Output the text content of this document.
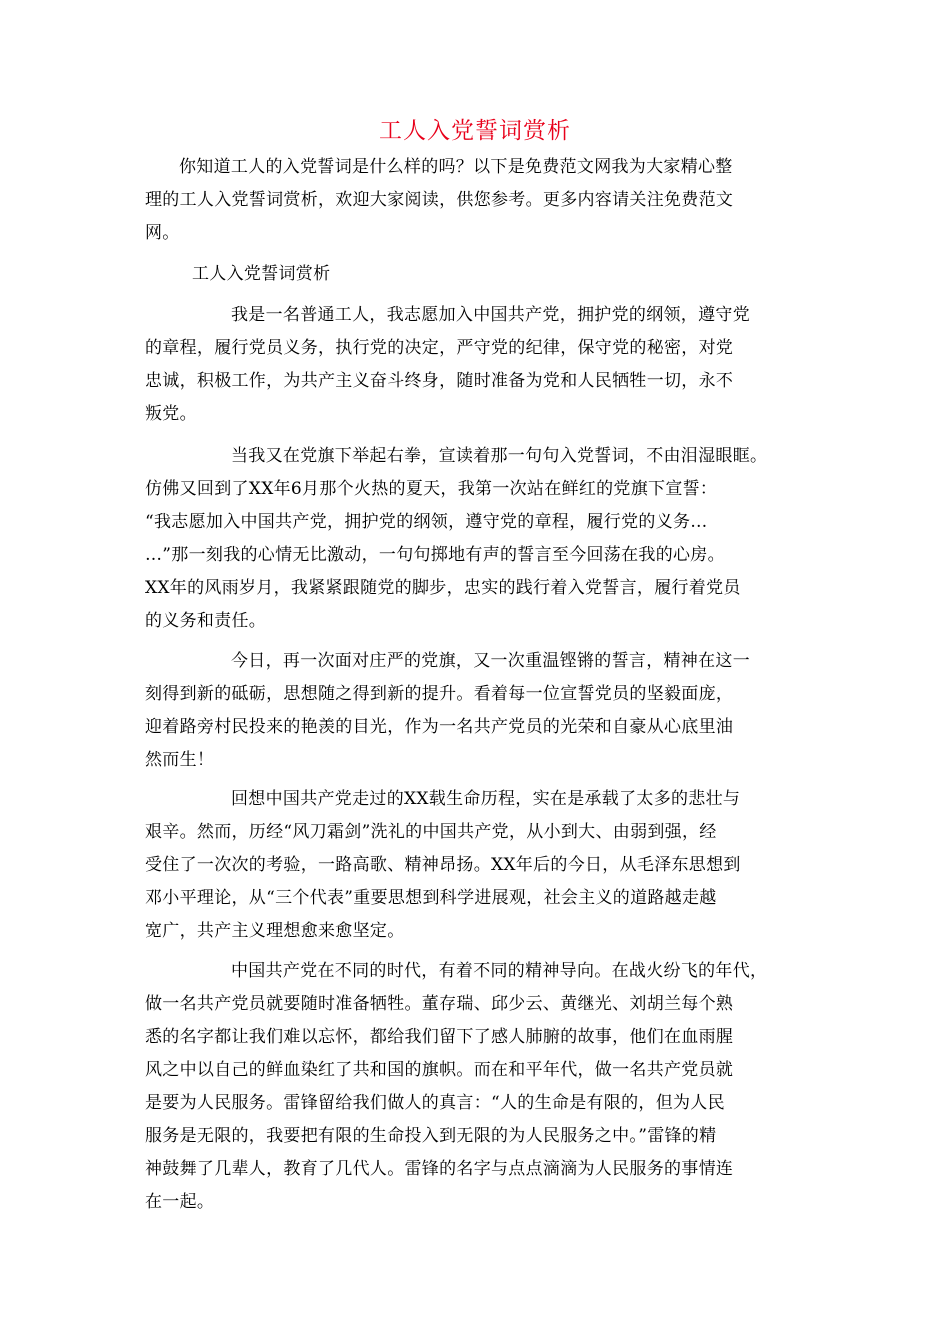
工人入党誓词赏析
你知道工人的入党誓词是什么样的吗？以下是免费范文网我为大家精心整
理的工人入党誓词赏析，欢迎大家阅读，供您参考。更多内容请关注免费范文
网。
工人入党誓词赏析
我是一名普通工人，我志愿加入中国共产党，拥护党的纲领，遵守党
的章程，履行党员义务，执行党的决定，严守党的纪律，保守党的秘密，对党
忠诚，积极工作，为共产主义奋斗终身，随时准备为党和人民牺牲一切，永不
叛党。
当我又在党旗下举起右拳，宣读着那一句句入党誓词，不由泪湿眼眶。
仿佛又回到了XX年6月那个火热的夏天，我第一次站在鲜红的党旗下宣誓：
“我志愿加入中国共产党，拥护党的纲领，遵守党的章程，履行党的义务…
…”那一刻我的心情无比激动，一句句掷地有声的誓言至今回荡在我的心房。
XX年的风雨岁月，我紧紧跟随党的脚步，忠实的践行着入党誓言，履行着党员
的义务和责任。
今日，再一次面对庄严的党旗，又一次重温铿锵的誓言，精神在这一
刻得到新的砥砺，思想随之得到新的提升。看着每一位宣誓党员的坚毅面庞，
迎着路旁村民投来的艳羡的目光，作为一名共产党员的光荣和自豪从心底里油
然而生！
回想中国共产党走过的XX载生命历程，实在是承载了太多的悲壮与
艰辛。然而，历经“风刀霜剑”洗礼的中国共产党，从小到大、由弱到强，经
受住了一次次的考验，一路高歌、精神昂扬。XX年后的今日，从毛泽东思想到
邓小平理论，从“三个代表”重要思想到科学进展观，社会主义的道路越走越
宽广，共产主义理想愈来愈坚定。
中国共产党在不同的时代，有着不同的精神导向。在战火纷飞的年代，
做一名共产党员就要随时准备牺牲。董存瑞、邱少云、黄继光、刘胡兰每个熟
悉的名字都让我们难以忘怀，都给我们留下了感人肺腑的故事，他们在血雨腥
风之中以自己的鲜血染红了共和国的旗帜。而在和平年代，做一名共产党员就
是要为人民服务。雷锋留给我们做人的真言：“人的生命是有限的，但为人民
服务是无限的，我要把有限的生命投入到无限的为人民服务之中。”雷锋的精
神鼓舞了几辈人，教育了几代人。雷锋的名字与点点滴滴为人民服务的事情连
在一起。
